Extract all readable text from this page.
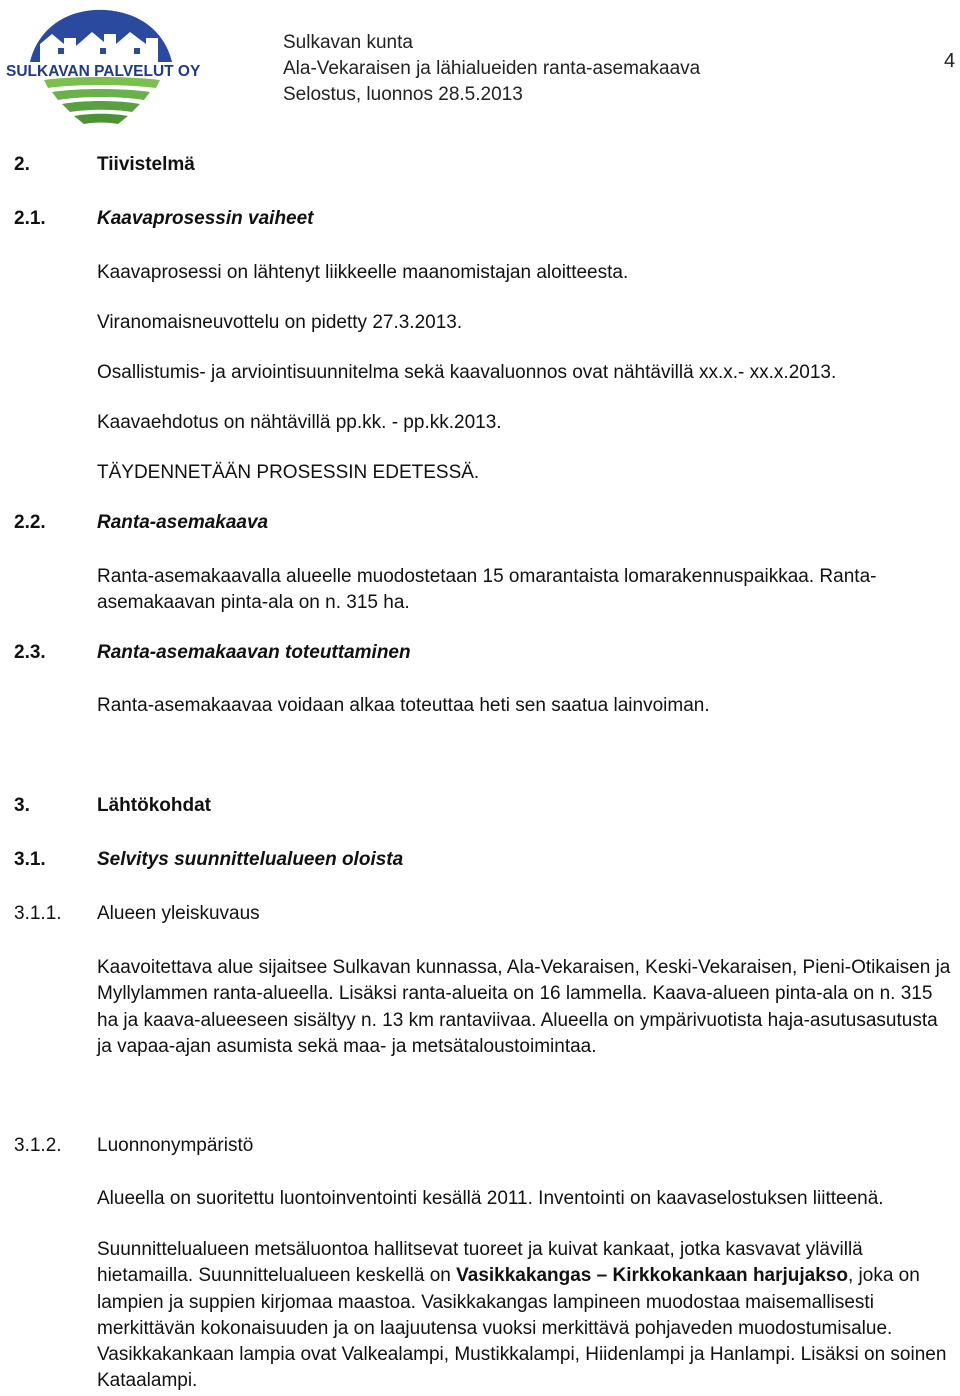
SULKAVAN PALVELUT OY
Sulkavan kunta
Ala-Vekaraisen ja lähialueiden ranta-asemakaava
Selostus, luonnos 28.5.2013
4
2.	Tiivistelmä
2.1.	Kaavaprosessin vaiheet
Kaavaprosessi on lähtenyt liikkeelle maanomistajan aloitteesta.
Viranomaisneuvottelu on pidetty 27.3.2013.
Osallistumis- ja arviointisuunnitelma sekä kaavaluonnos ovat nähtävillä xx.x.- xx.x.2013.
Kaavaehdotus on nähtävillä pp.kk. - pp.kk.2013.
TÄYDENNETÄÄN PROSESSIN EDETESSÄ.
2.2.	Ranta-asemakaava

Ranta-asemakaavalla alueelle muodostetaan 15 omarantaista lomarakennuspaikkaa. Ranta-asemakaavan pinta-ala on n. 315 ha.

2.3.	Ranta-asemakaavan toteuttaminen
Ranta-asemakaavaa voidaan alkaa toteuttaa heti sen saatua lainvoiman.
3.	Lähtökohdat
3.1.	Selvitys suunnittelualueen oloista
3.1.1. Alueen yleiskuvaus

Kaavoitettava alue sijaitsee Sulkavan kunnassa, Ala-Vekaraisen, Keski-Vekaraisen, Pieni-Otikaisen ja Myllylammen ranta-alueella. Lisäksi ranta-alueita on 16 lammella. Kaava-alueen pinta-ala on n. 315 ha ja kaava-alueeseen sisältyy n. 13 km rantaviivaa. Alueella on ympärivuotista haja-asutusasutusta ja vapaa-ajan asumista sekä maa- ja metsätaloustoimintaa.

3.1.2. Luonnonympäristö
Alueella on suoritettu luontoinventointi kesällä 2011. Inventointi on kaavaselostuksen liitteenä.

Suunnittelualueen metsäluontoa hallitsevat tuoreet ja kuivat kankaat, jotka kasvavat ylävillä hietamailla. Suunnittelualueen keskellä on Vasikkakangas – Kirkkokankaan harjujakso, joka on lampien ja suppien kirjomaa maastoa. Vasikkakangas lampineen muodostaa maisemallisesti merkittävän kokonaisuuden ja on laajuutensa vuoksi merkittävä pohjaveden muodostumisalue. Vasikkakankaan lampia ovat Valkealampi, Mustikkalampi, Hiidenlampi ja Hanlampi. Lisäksi on soinen Kataalampi.
